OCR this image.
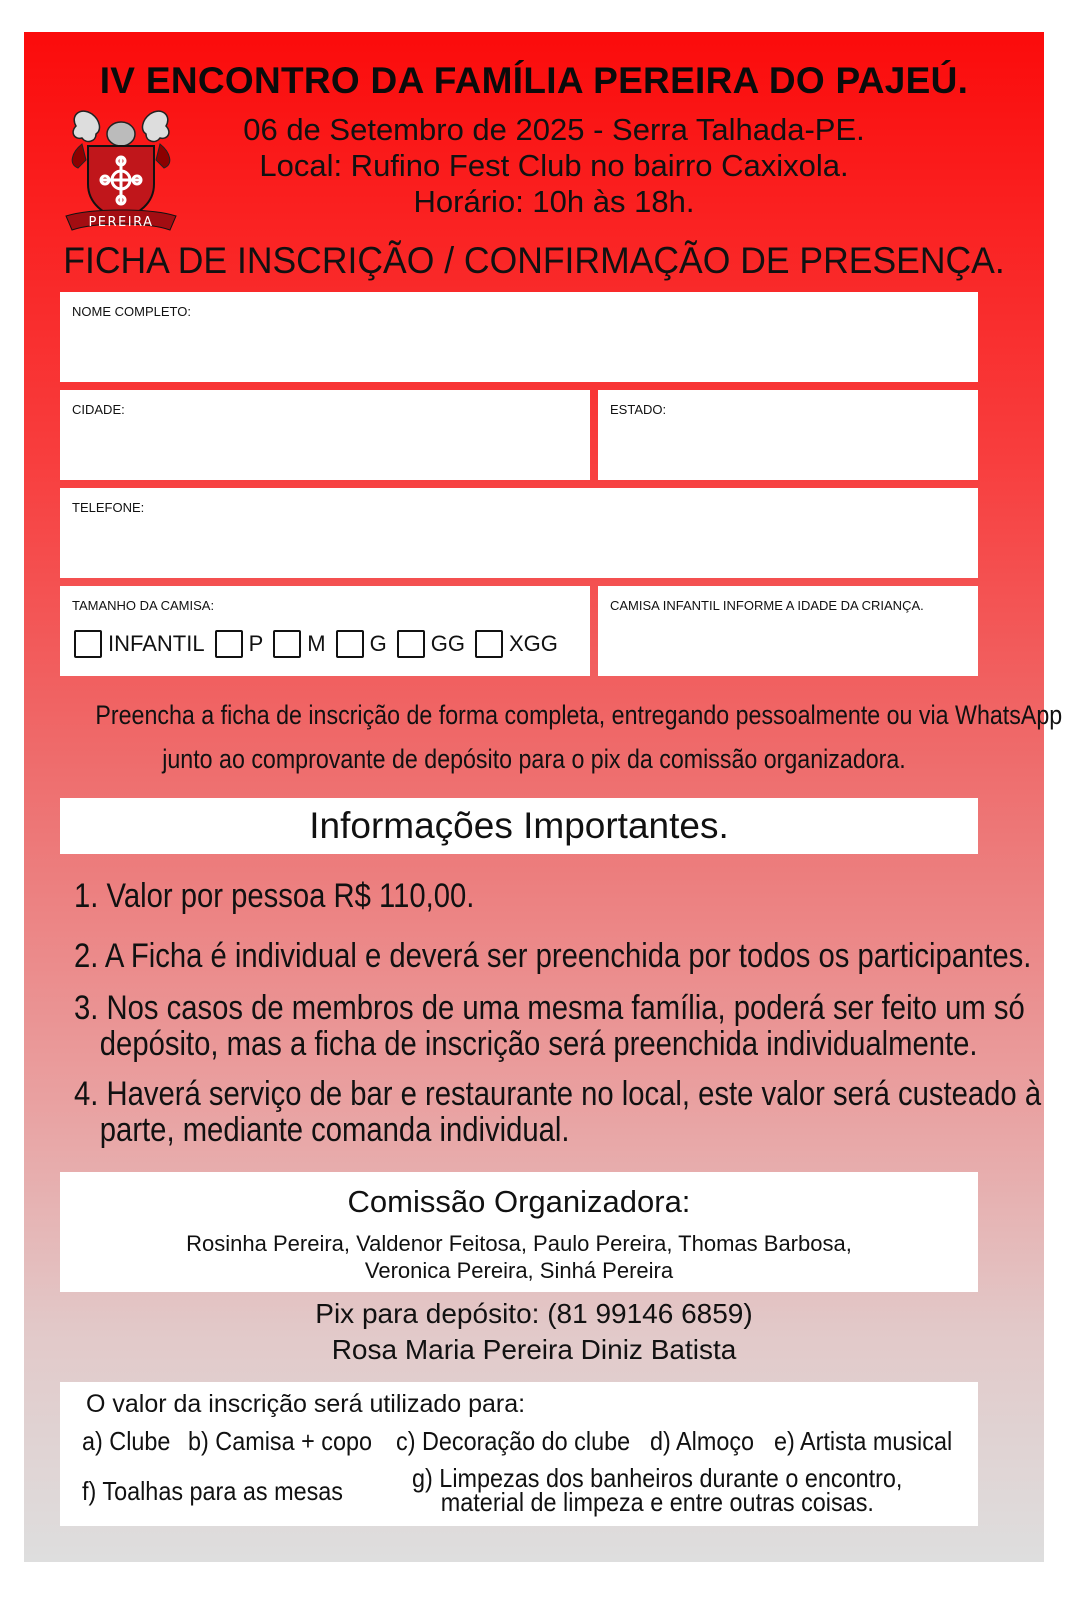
IV ENCONTRO DA FAMÍLIA PEREIRA DO PAJEÚ.
PEREIRA
06 de Setembro de 2025 - Serra Talhada-PE.
Local: Rufino Fest Club no bairro Caxixola.
Horário: 10h às 18h.
FICHA DE INSCRIÇÃO / CONFIRMAÇÃO DE PRESENÇA.
NOME COMPLETO:
CIDADE:	ESTADO:
TELEFONE:
TAMANHO DA CAMISA:
INFANTIL P M G GG XGG
CAMISA INFANTIL INFORME A IDADE DA CRIANÇA.
Preencha a ficha de inscrição de forma completa, entregando pessoalmente ou via WhatsApp
junto ao comprovante de depósito para o pix da comissão organizadora.
Informações Importantes.
1. Valor por pessoa R$ 110,00.
2. A Ficha é individual e deverá ser preenchida por todos os participantes.
3. Nos casos de membros de uma mesma família, poderá ser feito um só
depósito, mas a ficha de inscrição será preenchida individualmente.
4. Haverá serviço de bar e restaurante no local, este valor será custeado à
parte, mediante comanda individual.
Comissão Organizadora:
Rosinha Pereira, Valdenor Feitosa, Paulo Pereira, Thomas Barbosa,
Veronica Pereira, Sinhá Pereira
Pix para depósito: (81 99146 6859)
Rosa Maria Pereira Diniz Batista
O valor da inscrição será utilizado para:
a) Clube b) Camisa + copo c) Decoração do clube d) Almoço e) Artista musical
f) Toalhas para as mesas	g) Limpezas dos banheiros durante o encontro,
material de limpeza e entre outras coisas.
